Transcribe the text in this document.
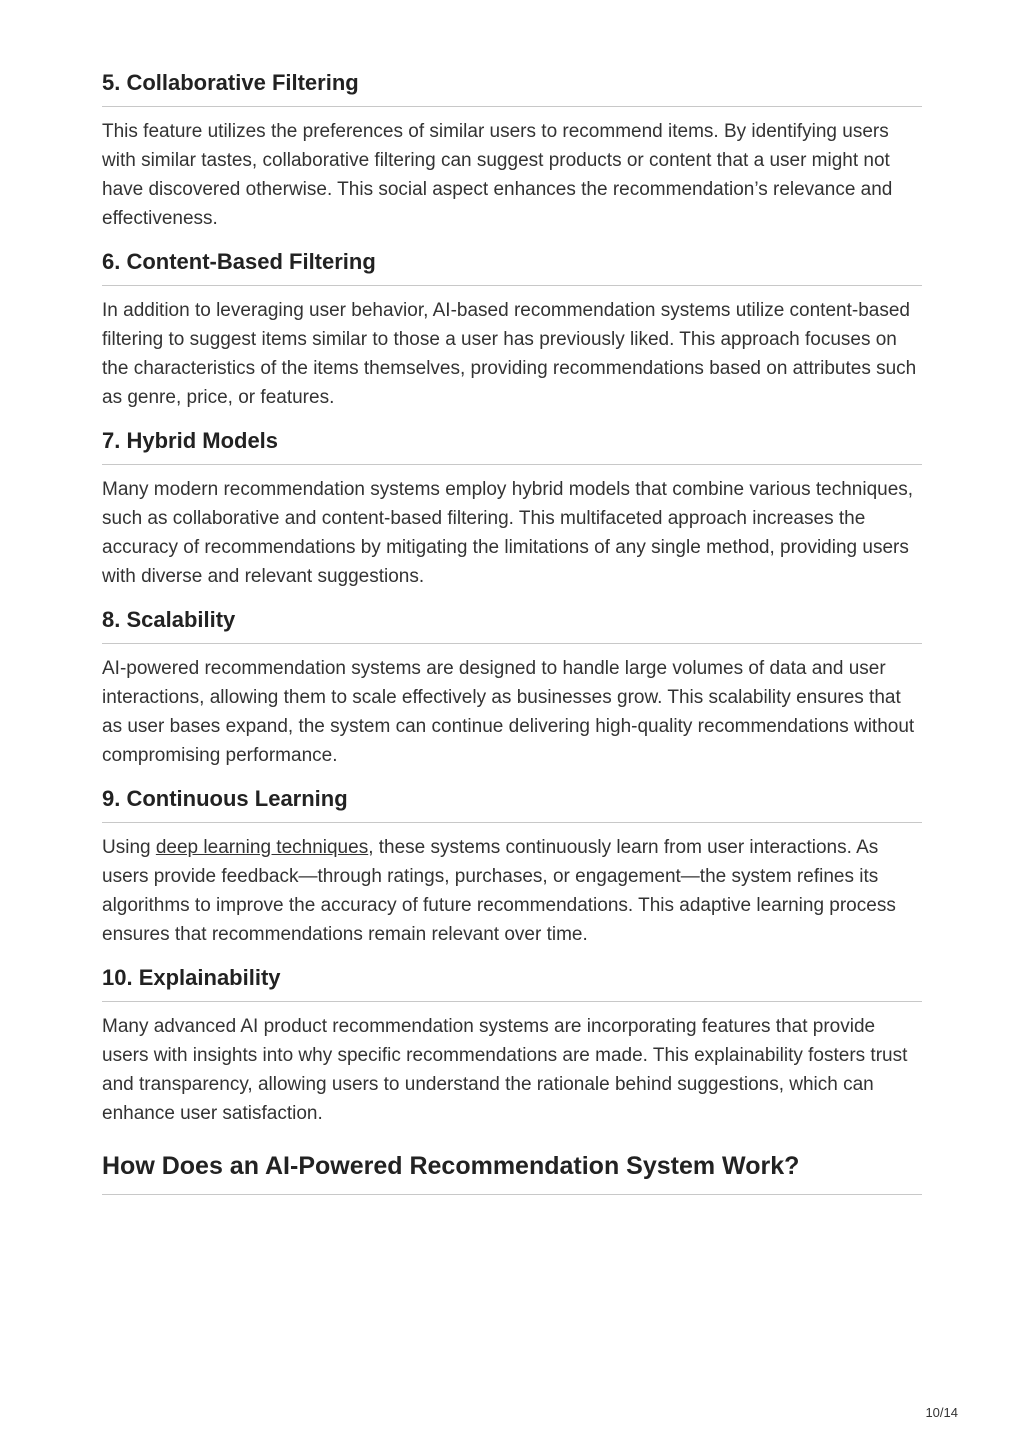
5. Collaborative Filtering

This feature utilizes the preferences of similar users to recommend items. By identifying users with similar tastes, collaborative filtering can suggest products or content that a user might not have discovered otherwise. This social aspect enhances the recommendation’s relevance and effectiveness.

6. Content-Based Filtering

In addition to leveraging user behavior, AI-based recommendation systems utilize content-based filtering to suggest items similar to those a user has previously liked. This approach focuses on the characteristics of the items themselves, providing recommendations based on attributes such as genre, price, or features.

7. Hybrid Models

Many modern recommendation systems employ hybrid models that combine various techniques, such as collaborative and content-based filtering. This multifaceted approach increases the accuracy of recommendations by mitigating the limitations of any single method, providing users with diverse and relevant suggestions.

8. Scalability

AI-powered recommendation systems are designed to handle large volumes of data and user interactions, allowing them to scale effectively as businesses grow. This scalability ensures that as user bases expand, the system can continue delivering high-quality recommendations without compromising performance.

9. Continuous Learning

Using deep learning techniques, these systems continuously learn from user interactions. As users provide feedback—through ratings, purchases, or engagement—the system refines its algorithms to improve the accuracy of future recommendations. This adaptive learning process ensures that recommendations remain relevant over time.

10. Explainability

Many advanced AI product recommendation systems are incorporating features that provide users with insights into why specific recommendations are made. This explainability fosters trust and transparency, allowing users to understand the rationale behind suggestions, which can enhance user satisfaction.

How Does an AI-Powered Recommendation System Work?
10/14
